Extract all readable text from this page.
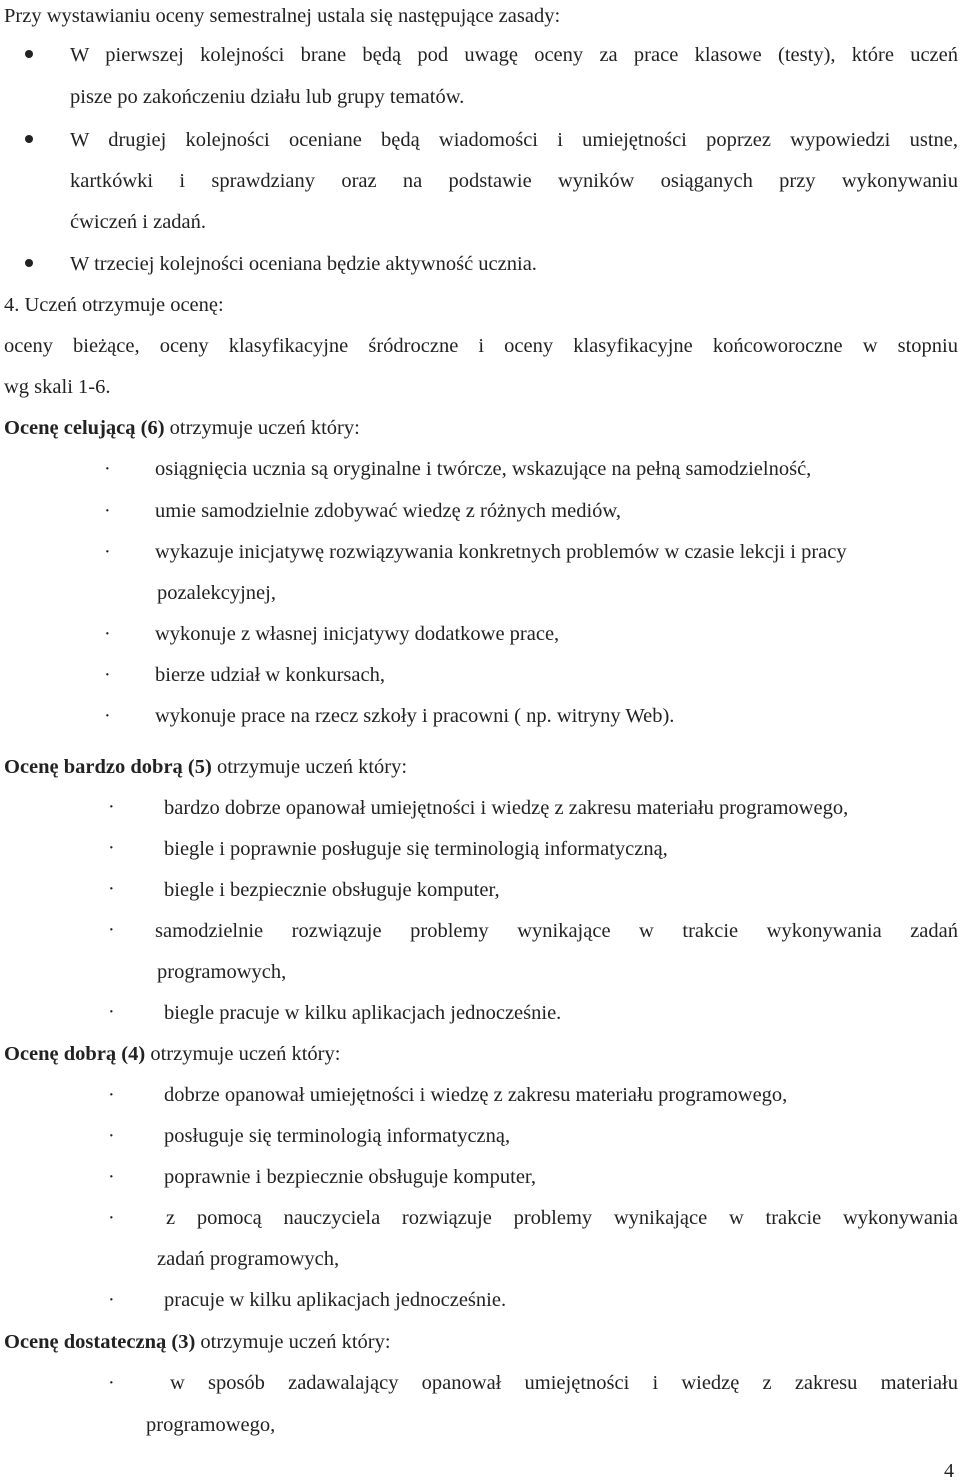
Przy wystawianiu oceny semestralnej ustala się następujące zasady:
W pierwszej kolejności brane będą pod uwagę oceny za prace klasowe (testy), które uczeń
pisze po zakończeniu działu lub grupy tematów.
W drugiej kolejności oceniane będą wiadomości i umiejętności poprzez wypowiedzi ustne,
kartkówki i sprawdziany oraz na podstawie wyników osiąganych przy wykonywaniu
ćwiczeń i zadań.
W trzeciej kolejności oceniana będzie aktywność ucznia.
4. Uczeń otrzymuje ocenę:
oceny bieżące, oceny klasyfikacyjne śródroczne i oceny klasyfikacyjne końcoworoczne w stopniu
wg skali 1-6.
Ocenę celującą (6) otrzymuje uczeń który:
· osiągnięcia ucznia są oryginalne i twórcze, wskazujące na pełną samodzielność,
· umie samodzielnie zdobywać wiedzę z różnych mediów,
· wykazuje inicjatywę rozwiązywania konkretnych problemów w czasie lekcji i pracy
pozalekcyjnej,
· wykonuje z własnej inicjatywy dodatkowe prace,
· bierze udział w konkursach,
· wykonuje prace na rzecz szkoły i pracowni ( np. witryny Web).
Ocenę bardzo dobrą (5) otrzymuje uczeń który:
· bardzo dobrze opanował umiejętności i wiedzę z zakresu materiału programowego,
· biegle i poprawnie posługuje się terminologią informatyczną,
· biegle i bezpiecznie obsługuje komputer,
· samodzielnie rozwiązuje problemy wynikające w trakcie wykonywania zadań
programowych,
· biegle pracuje w kilku aplikacjach jednocześnie.
Ocenę dobrą (4) otrzymuje uczeń który:
· dobrze opanował umiejętności i wiedzę z zakresu materiału programowego,
· posługuje się terminologią informatyczną,
· poprawnie i bezpiecznie obsługuje komputer,
·	z pomocą nauczyciela rozwiązuje problemy wynikające w trakcie wykonywania
zadań programowych,
· pracuje w kilku aplikacjach jednocześnie.
Ocenę dostateczną (3) otrzymuje uczeń który:
·	w sposób zadawalający opanował umiejętności i wiedzę z zakresu materiału
programowego,
4
